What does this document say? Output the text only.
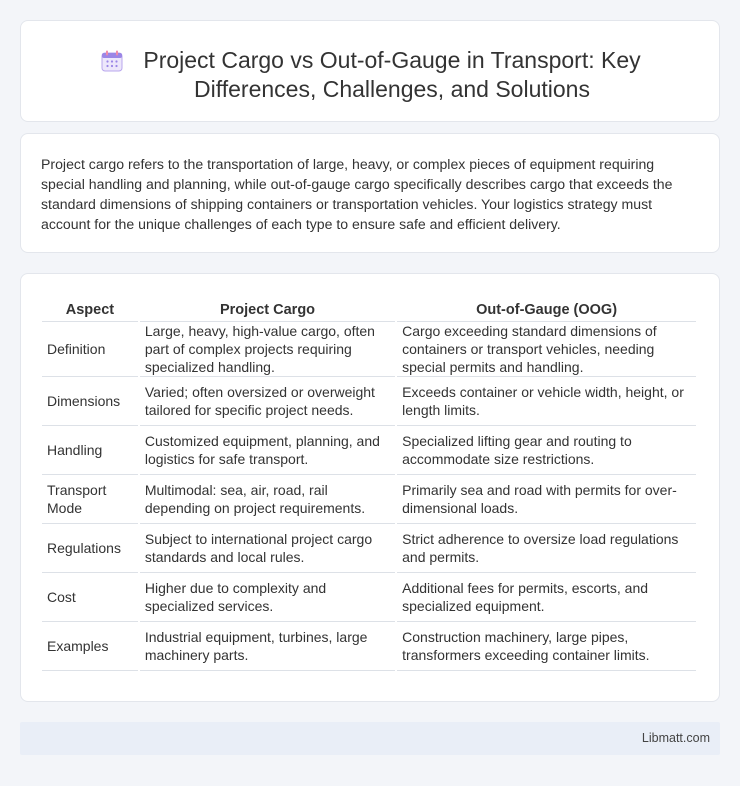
Project Cargo vs Out-of-Gauge in Transport: Key
Differences, Challenges, and Solutions

Project cargo refers to the transportation of large, heavy, or complex pieces of equipment requiring special handling and planning, while out-of-gauge cargo specifically describes cargo that exceeds the standard dimensions of shipping containers or transportation vehicles. Your logistics strategy must account for the unique challenges of each type to ensure safe and efficient delivery.

Aspect	Project Cargo	Out-of-Gauge (OOG)
Definition	Large, heavy, high-value cargo, often part of complex projects requiring specialized handling.	Cargo exceeding standard dimensions of containers or transport vehicles, needing special permits and handling.
Dimensions	Varied; often oversized or overweight tailored for specific project needs.	Exceeds container or vehicle width, height, or length limits.
Handling	Customized equipment, planning, and logistics for safe transport.	Specialized lifting gear and routing to accommodate size restrictions.
Transport Mode	Multimodal: sea, air, road, rail depending on project requirements.	Primarily sea and road with permits for over-dimensional loads.
Regulations	Subject to international project cargo standards and local rules.	Strict adherence to oversize load regulations and permits.
Cost	Higher due to complexity and specialized services.	Additional fees for permits, escorts, and specialized equipment.
Examples	Industrial equipment, turbines, large machinery parts.	Construction machinery, large pipes, transformers exceeding container limits.
Libmatt.com
